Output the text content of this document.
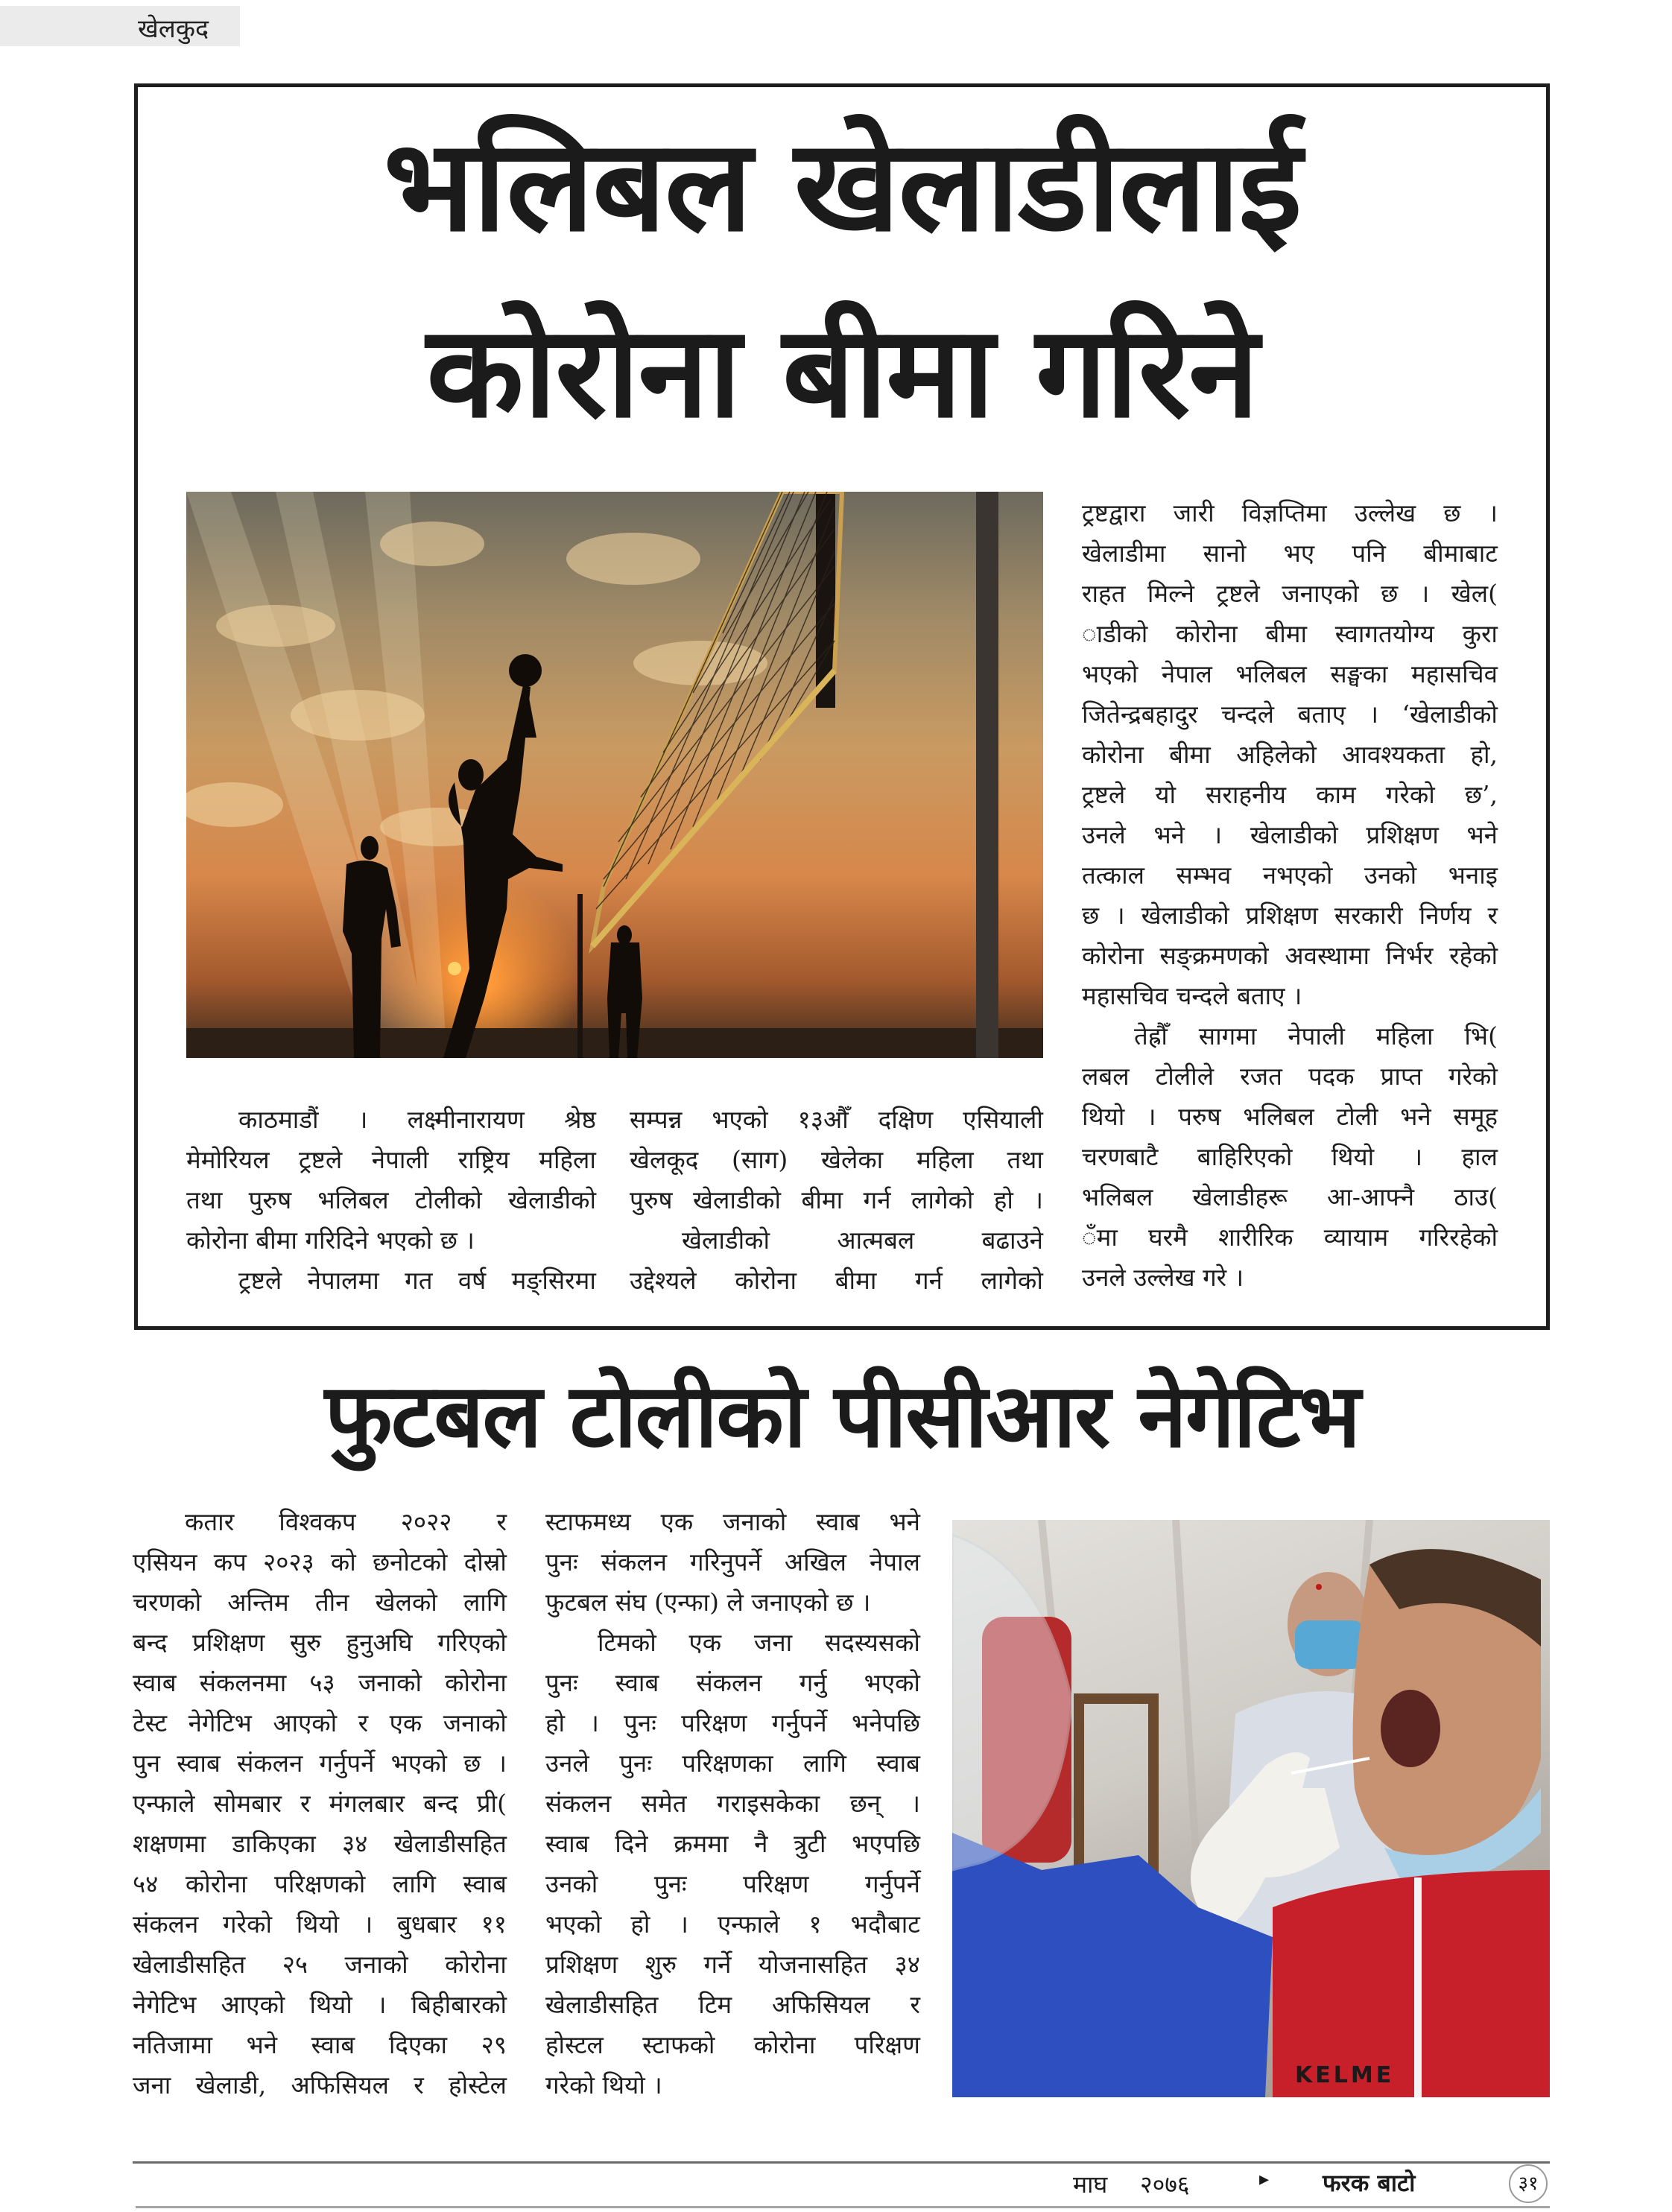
खेलकुद
भलिबल खेलाडीलाई
कोरोना बीमा गरिने
काठमाडौं । लक्ष्मीनारायण श्रेष्ठ
मेमोरियल ट्रष्टले नेपाली राष्ट्रिय महिला
तथा पुरुष भलिबल टोलीको खेलाडीको
कोरोना बीमा गरिदिने भएको छ ।
ट्रष्टले नेपालमा गत वर्ष मङ्सिरमा
सम्पन्न भएको १३औँ दक्षिण एसियाली
खेलकूद (साग) खेलेका महिला तथा
पुरुष खेलाडीको बीमा गर्न लागेको हो ।
खेलाडीको	आत्मबल	बढाउने
उद्देश्यले कोरोना बीमा गर्न लागेको
ट्रष्टद्वारा जारी विज्ञप्तिमा उल्लेख छ ।
खेलाडीमा सानो भए पनि बीमाबाट
राहत मिल्ने ट्रष्टले जनाएको छ । खेल(
ाडीको कोरोना बीमा स्वागतयोग्य कुरा
भएको नेपाल भलिबल सङ्घका महासचिव
जितेन्द्रबहादुर चन्दले बताए । ‘खेलाडीको
कोरोना बीमा अहिलेको आवश्यकता हो,
ट्रष्टले यो सराहनीय काम गरेको छ’,
उनले भने । खेलाडीको प्रशिक्षण भने
तत्काल सम्भव नभएको उनको भनाइ
छ । खेलाडीको प्रशिक्षण सरकारी निर्णय र
कोरोना सङ्क्रमणको अवस्थामा निर्भर रहेको
महासचिव चन्दले बताए ।
तेह्रौँ सागमा नेपाली महिला भि(
लबल टोलीले रजत पदक प्राप्त गरेको
थियो । परुष भलिबल टोली भने समूह
चरणबाटै बाहिरिएको थियो । हाल
भलिबल खेलाडीहरू आ-आफ्नै ठाउ(
ँमा घरमै शारीरिक व्यायाम गरिरहेको
उनले उल्लेख गरे ।
फुटबल टोलीको पीसीआर नेगेटिभ
कतार विश्वकप २०२२ र
एसियन कप २०२३ को छनोटको दोस्रो
चरणको अन्तिम तीन खेलको लागि
बन्द प्रशिक्षण सुरु हुनुअघि गरिएको
स्वाब संकलनमा ५३ जनाको कोरोना
टेस्ट नेगेटिभ आएको र एक जनाको
पुन स्वाब संकलन गर्नुपर्ने भएको छ ।
एन्फाले सोमबार र मंगलबार बन्द प्री(
शक्षणमा डाकिएका ३४ खेलाडीसहित
५४ कोरोना परिक्षणको लागि स्वाब
संकलन गरेको थियो । बुधबार ११
खेलाडीसहित २५ जनाको कोरोना
नेगेटिभ आएको थियो । बिहीबारको
नतिजामा भने स्वाब दिएका २९
जना खेलाडी, अफिसियल र होस्टेल
स्टाफमध्य एक जनाको स्वाब भने
पुनः संकलन गरिनुपर्ने अखिल नेपाल
फुटबल संघ (एन्फा) ले जनाएको छ ।
टिमको एक जना सदस्यसको
पुनः स्वाब संकलन गर्नु भएको
हो । पुनः परिक्षण गर्नुपर्ने भनेपछि
उनले पुनः परिक्षणका लागि स्वाब
संकलन समेत गराइसकेका छन् ।
स्वाब दिने क्रममा नै त्रुटी भएपछि
उनको पुनः परिक्षण गर्नुपर्ने
भएको हो । एन्फाले १ भदौबाट
प्रशिक्षण शुरु गर्ने योजनासहित ३४
खेलाडीसहित टिम अफिसियल र
होस्टल स्टाफको कोरोना परिक्षण
गरेको थियो ।	KELME
माघ २०७६	▸ फरक बाटो	३१
